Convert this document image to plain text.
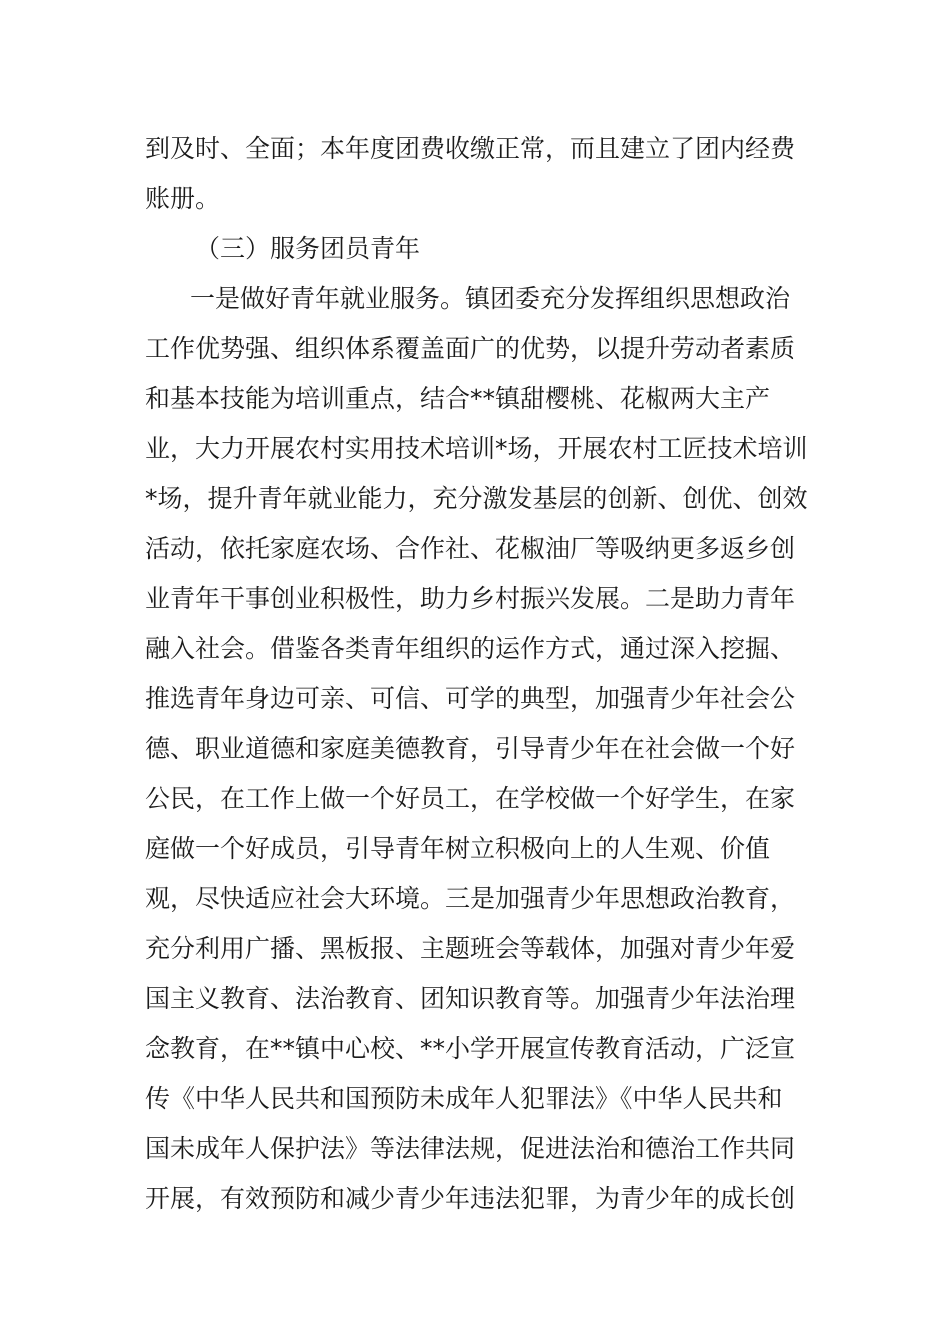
到及时、全面；本年度团费收缴正常，而且建立了团内经费
账册。
（三）服务团员青年
一是做好青年就业服务。镇团委充分发挥组织思想政治
工作优势强、组织体系覆盖面广的优势，以提升劳动者素质
和基本技能为培训重点，结合**镇甜樱桃、花椒两大主产
业，大力开展农村实用技术培训*场，开展农村工匠技术培训
*场，提升青年就业能力，充分激发基层的创新、创优、创效
活动，依托家庭农场、合作社、花椒油厂等吸纳更多返乡创
业青年干事创业积极性，助力乡村振兴发展。二是助力青年
融入社会。借鉴各类青年组织的运作方式，通过深入挖掘、
推选青年身边可亲、可信、可学的典型，加强青少年社会公
德、职业道德和家庭美德教育，引导青少年在社会做一个好
公民，在工作上做一个好员工，在学校做一个好学生，在家
庭做一个好成员，引导青年树立积极向上的人生观、价值
观，尽快适应社会大环境。三是加强青少年思想政治教育，
充分利用广播、黑板报、主题班会等载体，加强对青少年爱
国主义教育、法治教育、团知识教育等。加强青少年法治理
念教育，在**镇中心校、**小学开展宣传教育活动，广泛宣
传《中华人民共和国预防未成年人犯罪法》《中华人民共和
国未成年人保护法》等法律法规，促进法治和德治工作共同
开展，有效预防和减少青少年违法犯罪，为青少年的成长创
